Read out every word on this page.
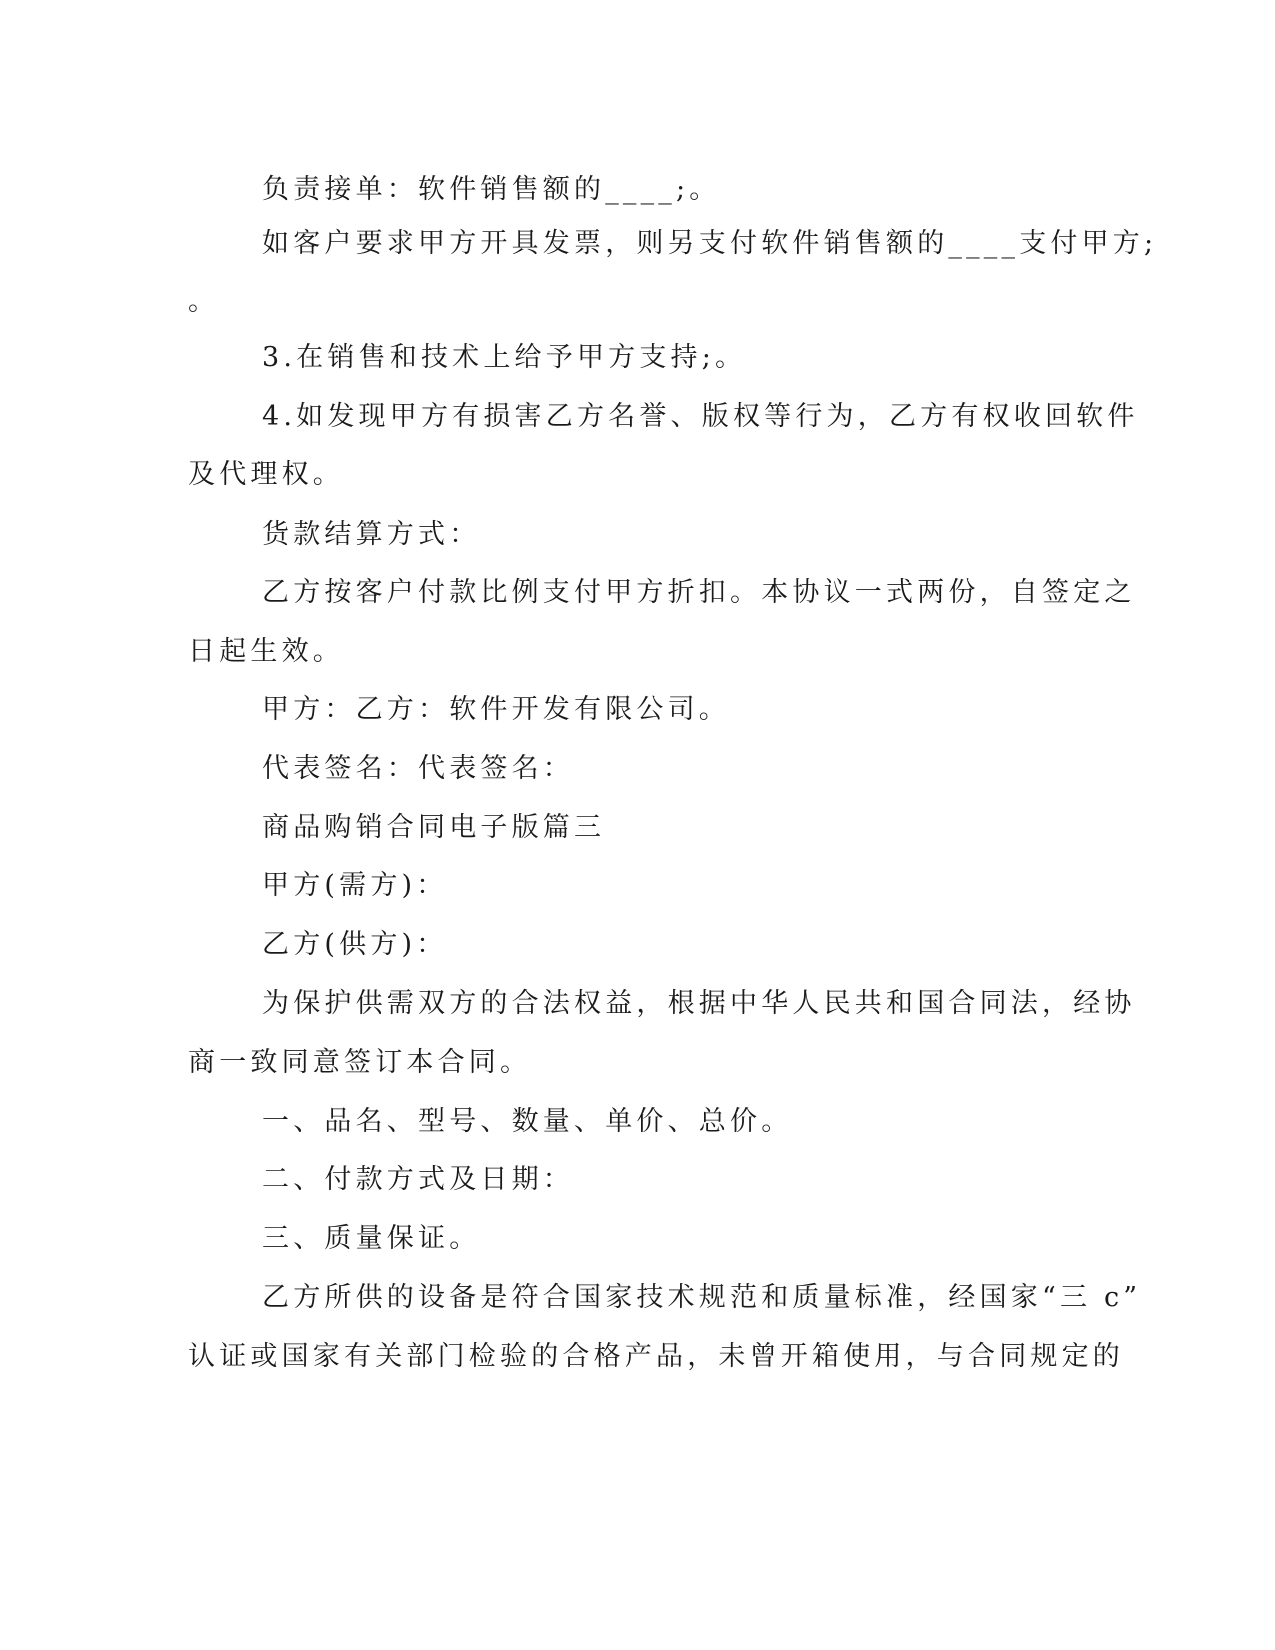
负责接单：软件销售额的____;。
如客户要求甲方开具发票，则另支付软件销售额的____支付甲方;
。
3.在销售和技术上给予甲方支持;。
4.如发现甲方有损害乙方名誉、版权等行为，乙方有权收回软件
及代理权。
货款结算方式：
乙方按客户付款比例支付甲方折扣。本协议一式两份，自签定之
日起生效。
甲方：乙方：软件开发有限公司。
代表签名：代表签名：
商品购销合同电子版篇三
甲方(需方)：
乙方(供方)：
为保护供需双方的合法权益，根据中华人民共和国合同法，经协
商一致同意签订本合同。
一、品名、型号、数量、单价、总价。
二、付款方式及日期：
三、质量保证。
乙方所供的设备是符合国家技术规范和质量标准，经国家“三 c”
认证或国家有关部门检验的合格产品，未曾开箱使用，与合同规定的
